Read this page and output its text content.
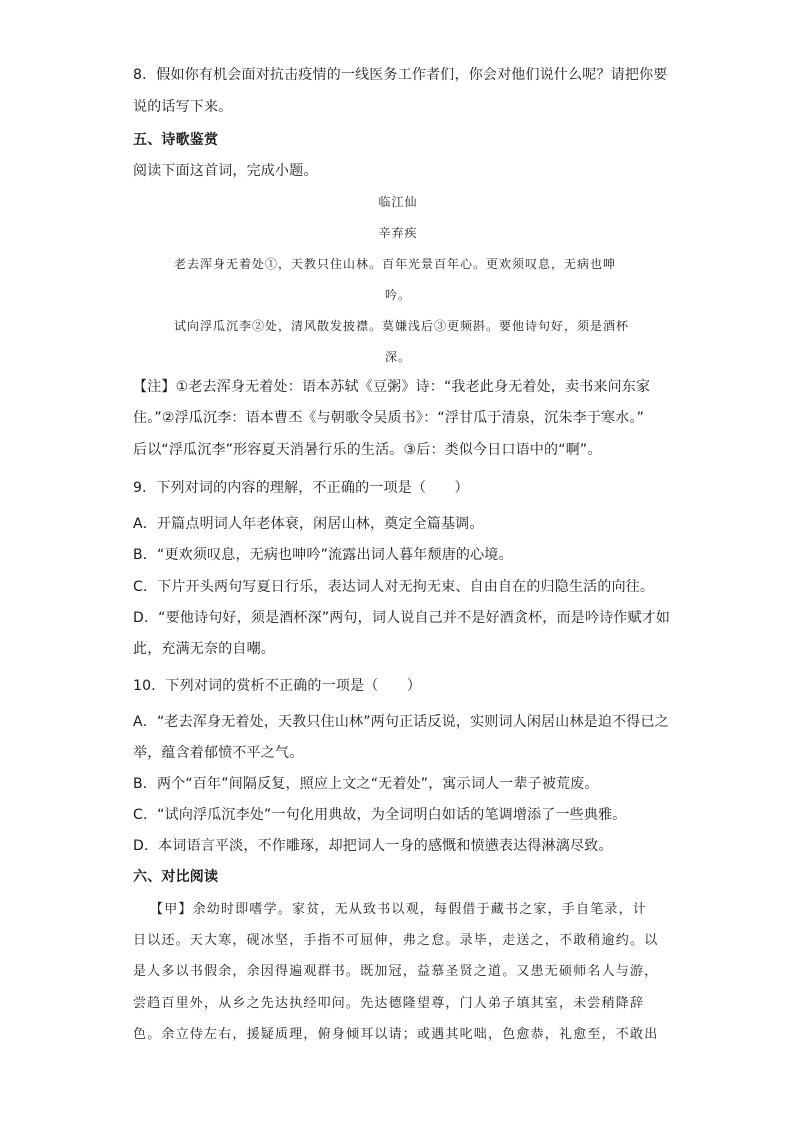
8．假如你有机会面对抗击疫情的一线医务工作者们，你会对他们说什么呢？请把你要
说的话写下来。
五、诗歌鉴赏
阅读下面这首词，完成小题。
临江仙
辛弃疾
老去浑身无着处①，天教只住山林。百年光景百年心。更欢须叹息，无病也呻
吟。
试向浮瓜沉李②处，清风散发披襟。莫嫌浅后③更频斟。要他诗句好，须是酒杯
深。
【注】①老去浑身无着处：语本苏轼《豆粥》诗：“我老此身无着处，卖书来问东家
住。”②浮瓜沉李：语本曹丕《与朝歌令吴质书》：“浮甘瓜于清泉，沉朱李于寒水。”
后以“浮瓜沉李”形容夏天消暑行乐的生活。③后：类似今日口语中的“啊”。
9．下列对词的内容的理解，不正确的一项是（　　）
A．开篇点明词人年老体衰，闲居山林，奠定全篇基调。
B．“更欢须叹息，无病也呻吟”流露出词人暮年颓唐的心境。
C．下片开头两句写夏日行乐，表达词人对无拘无束、自由自在的归隐生活的向往。
D．“要他诗句好，须是酒杯深”两句，词人说自己并不是好酒贪杯，而是吟诗作赋才如
此，充满无奈的自嘲。
10．下列对词的赏析不正确的一项是（　　）
A．“老去浑身无着处，天教只住山林”两句正话反说，实则词人闲居山林是迫不得已之
举，蕴含着郁愤不平之气。
B．两个“百年”间隔反复，照应上文之“无着处”，寓示词人一辈子被荒废。
C．“试向浮瓜沉李处”一句化用典故，为全词明白如话的笔调增添了一些典雅。
D．本词语言平淡，不作雕琢，却把词人一身的感慨和愤懑表达得淋漓尽致。
六、对比阅读
【甲】余幼时即嗜学。家贫，无从致书以观，每假借于藏书之家，手自笔录，计
日以还。天大寒，砚冰坚，手指不可屈伸，弗之怠。录毕，走送之，不敢稍逾约。以
是人多以书假余，余因得遍观群书。既加冠，益慕圣贤之道。又患无硕师名人与游，
尝趋百里外，从乡之先达执经叩问。先达德隆望尊，门人弟子填其室，未尝稍降辞
色。余立侍左右，援疑质理，俯身倾耳以请；或遇其叱咄，色愈恭，礼愈至，不敢出
